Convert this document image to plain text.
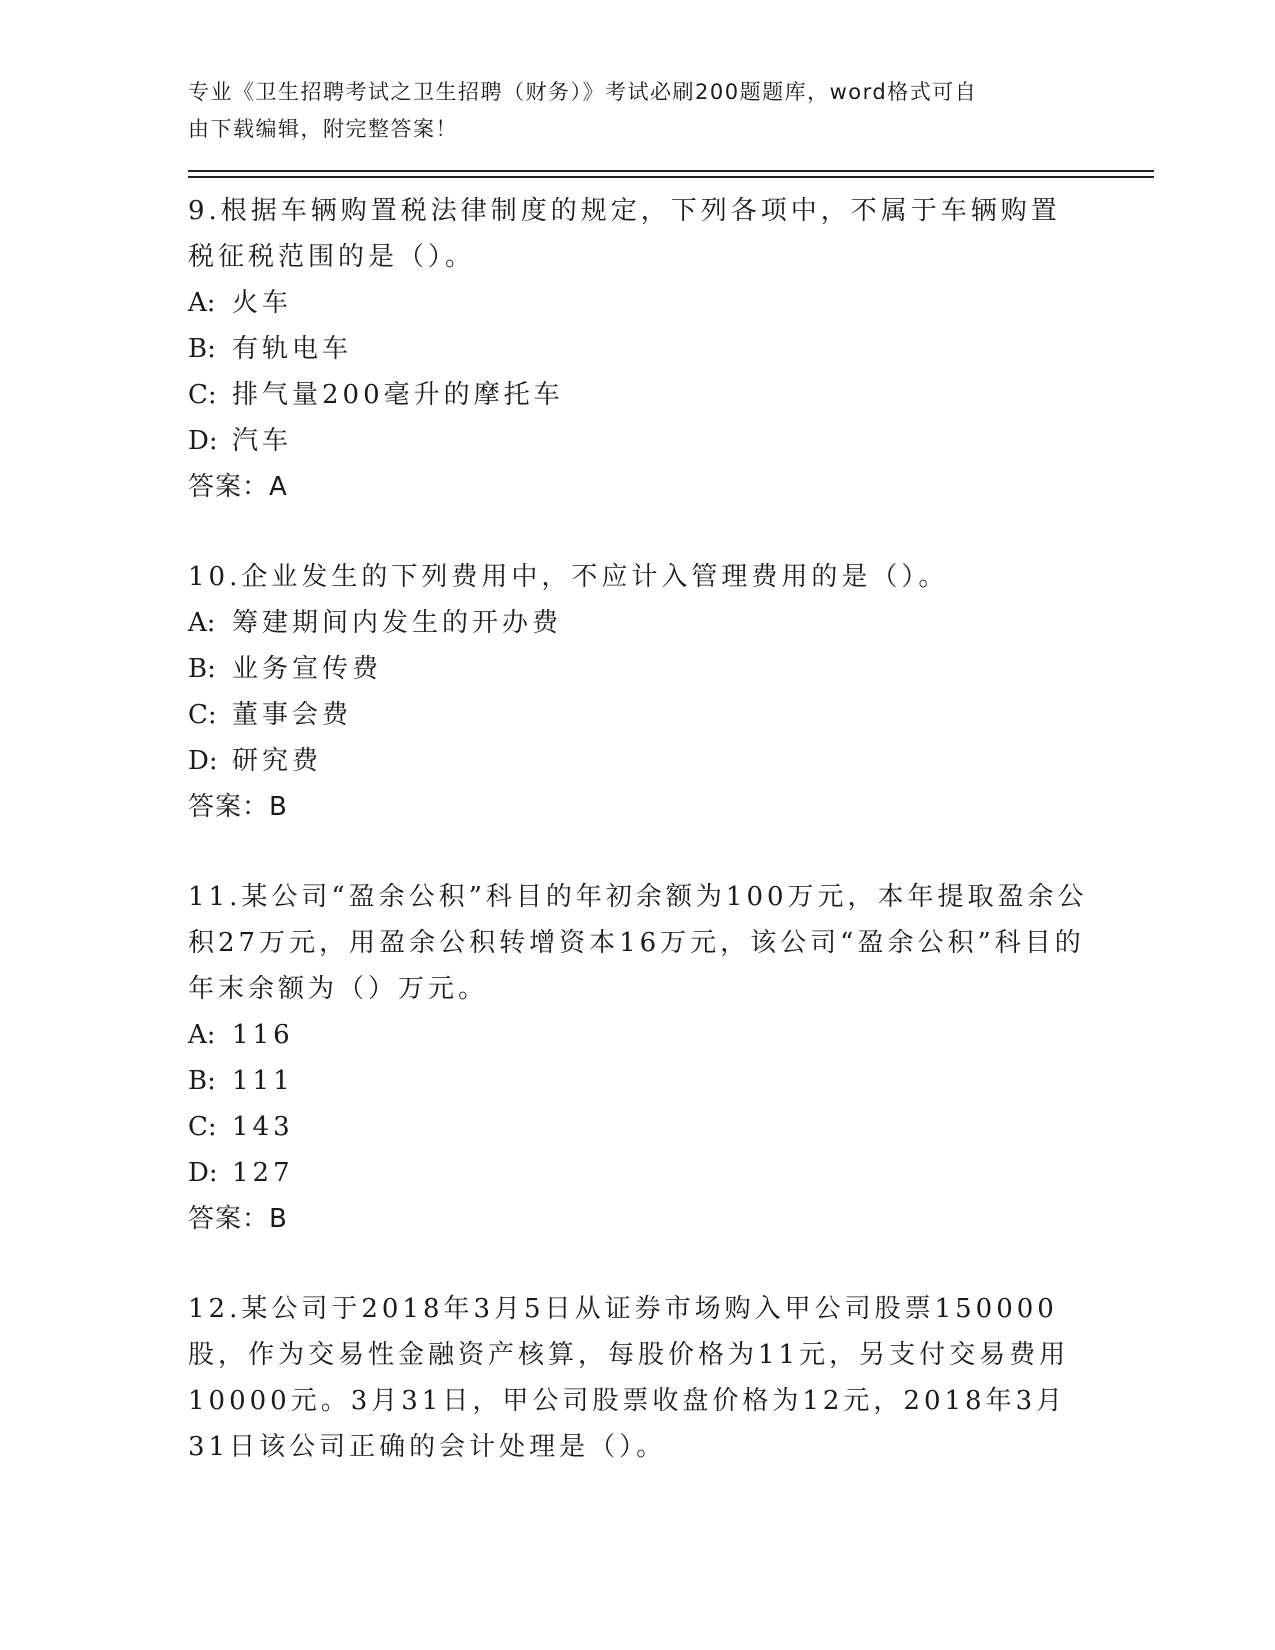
专业《卫生招聘考试之卫生招聘（财务）》考试必刷200题题库，word格式可自
由下载编辑，附完整答案！
9.根据车辆购置税法律制度的规定，下列各项中，不属于车辆购置税征税范围的是（）。
A: 火车
B: 有轨电车
C: 排气量200毫升的摩托车
D: 汽车
答案：A
10.企业发生的下列费用中，不应计入管理费用的是（）。
A: 筹建期间内发生的开办费
B: 业务宣传费
C: 董事会费
D: 研究费
答案：B
11.某公司“盈余公积”科目的年初余额为100万元，本年提取盈余公积27万元，用盈余公积转增资本16万元，该公司“盈余公积”科目的年末余额为（）万元。
A: 116
B: 111
C: 143
D: 127
答案：B
12.某公司于2018年3月5日从证券市场购入甲公司股票150000股，作为交易性金融资产核算，每股价格为11元，另支付交易费用10000元。3月31日，甲公司股票收盘价格为12元，2018年3月31日该公司正确的会计处理是（）。
